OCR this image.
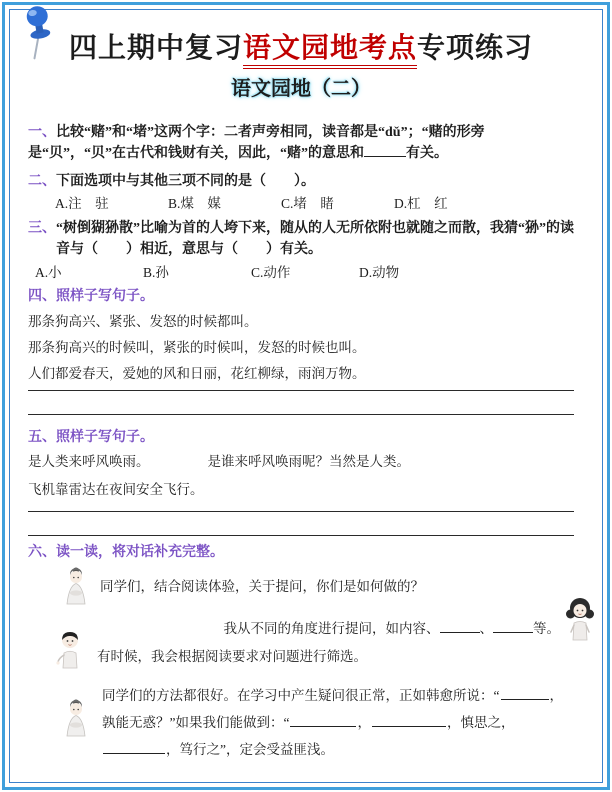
四上期中复习语文园地考点专项练习
语文园地（二）

一、比较“赌”和“堵”这两个字：二者声旁相同，读音都是“dǔ”；“赌的形旁是“贝”，“贝”在古代和钱财有关，因此，“赌”的意思和	有关。

二、下面选项中与其他三项不同的是（　　）。

A.注　驻	B.煤　媒	C.堵　睹	D.杠　红

三、“树倒猢狲散”比喻为首的人垮下来，随从的人无所依附也就随之而散，我猜“狲”的读音与（　　）相近，意思与（　　）有关。

A.小	B.孙	C.动作	D.动物

四、照样子写句子。

那条狗高兴、紧张、发怒的时候都叫。

那条狗高兴的时候叫，紧张的时候叫，发怒的时候也叫。

人们都爱春天，爱她的风和日丽，花红柳绿，雨润万物。

五、照样子写句子。

是人类来呼风唤雨。	是谁来呼风唤雨呢？当然是人类。

飞机靠雷达在夜间安全飞行。

六、读一读，将对话补充完整。

同学们，结合阅读体验，关于提问，你们是如何做的？
我从不同的角度进行提问，如内容、	、	等。
有时候，我会根据阅读要求对问题进行筛选。
同学们的方法都很好。在学习中产生疑问很正常，正如韩愈所说：“	， 孰能无惑？”如果我们能做到：“	，	，慎思之， ，笃行之”，定会受益匪浅。
